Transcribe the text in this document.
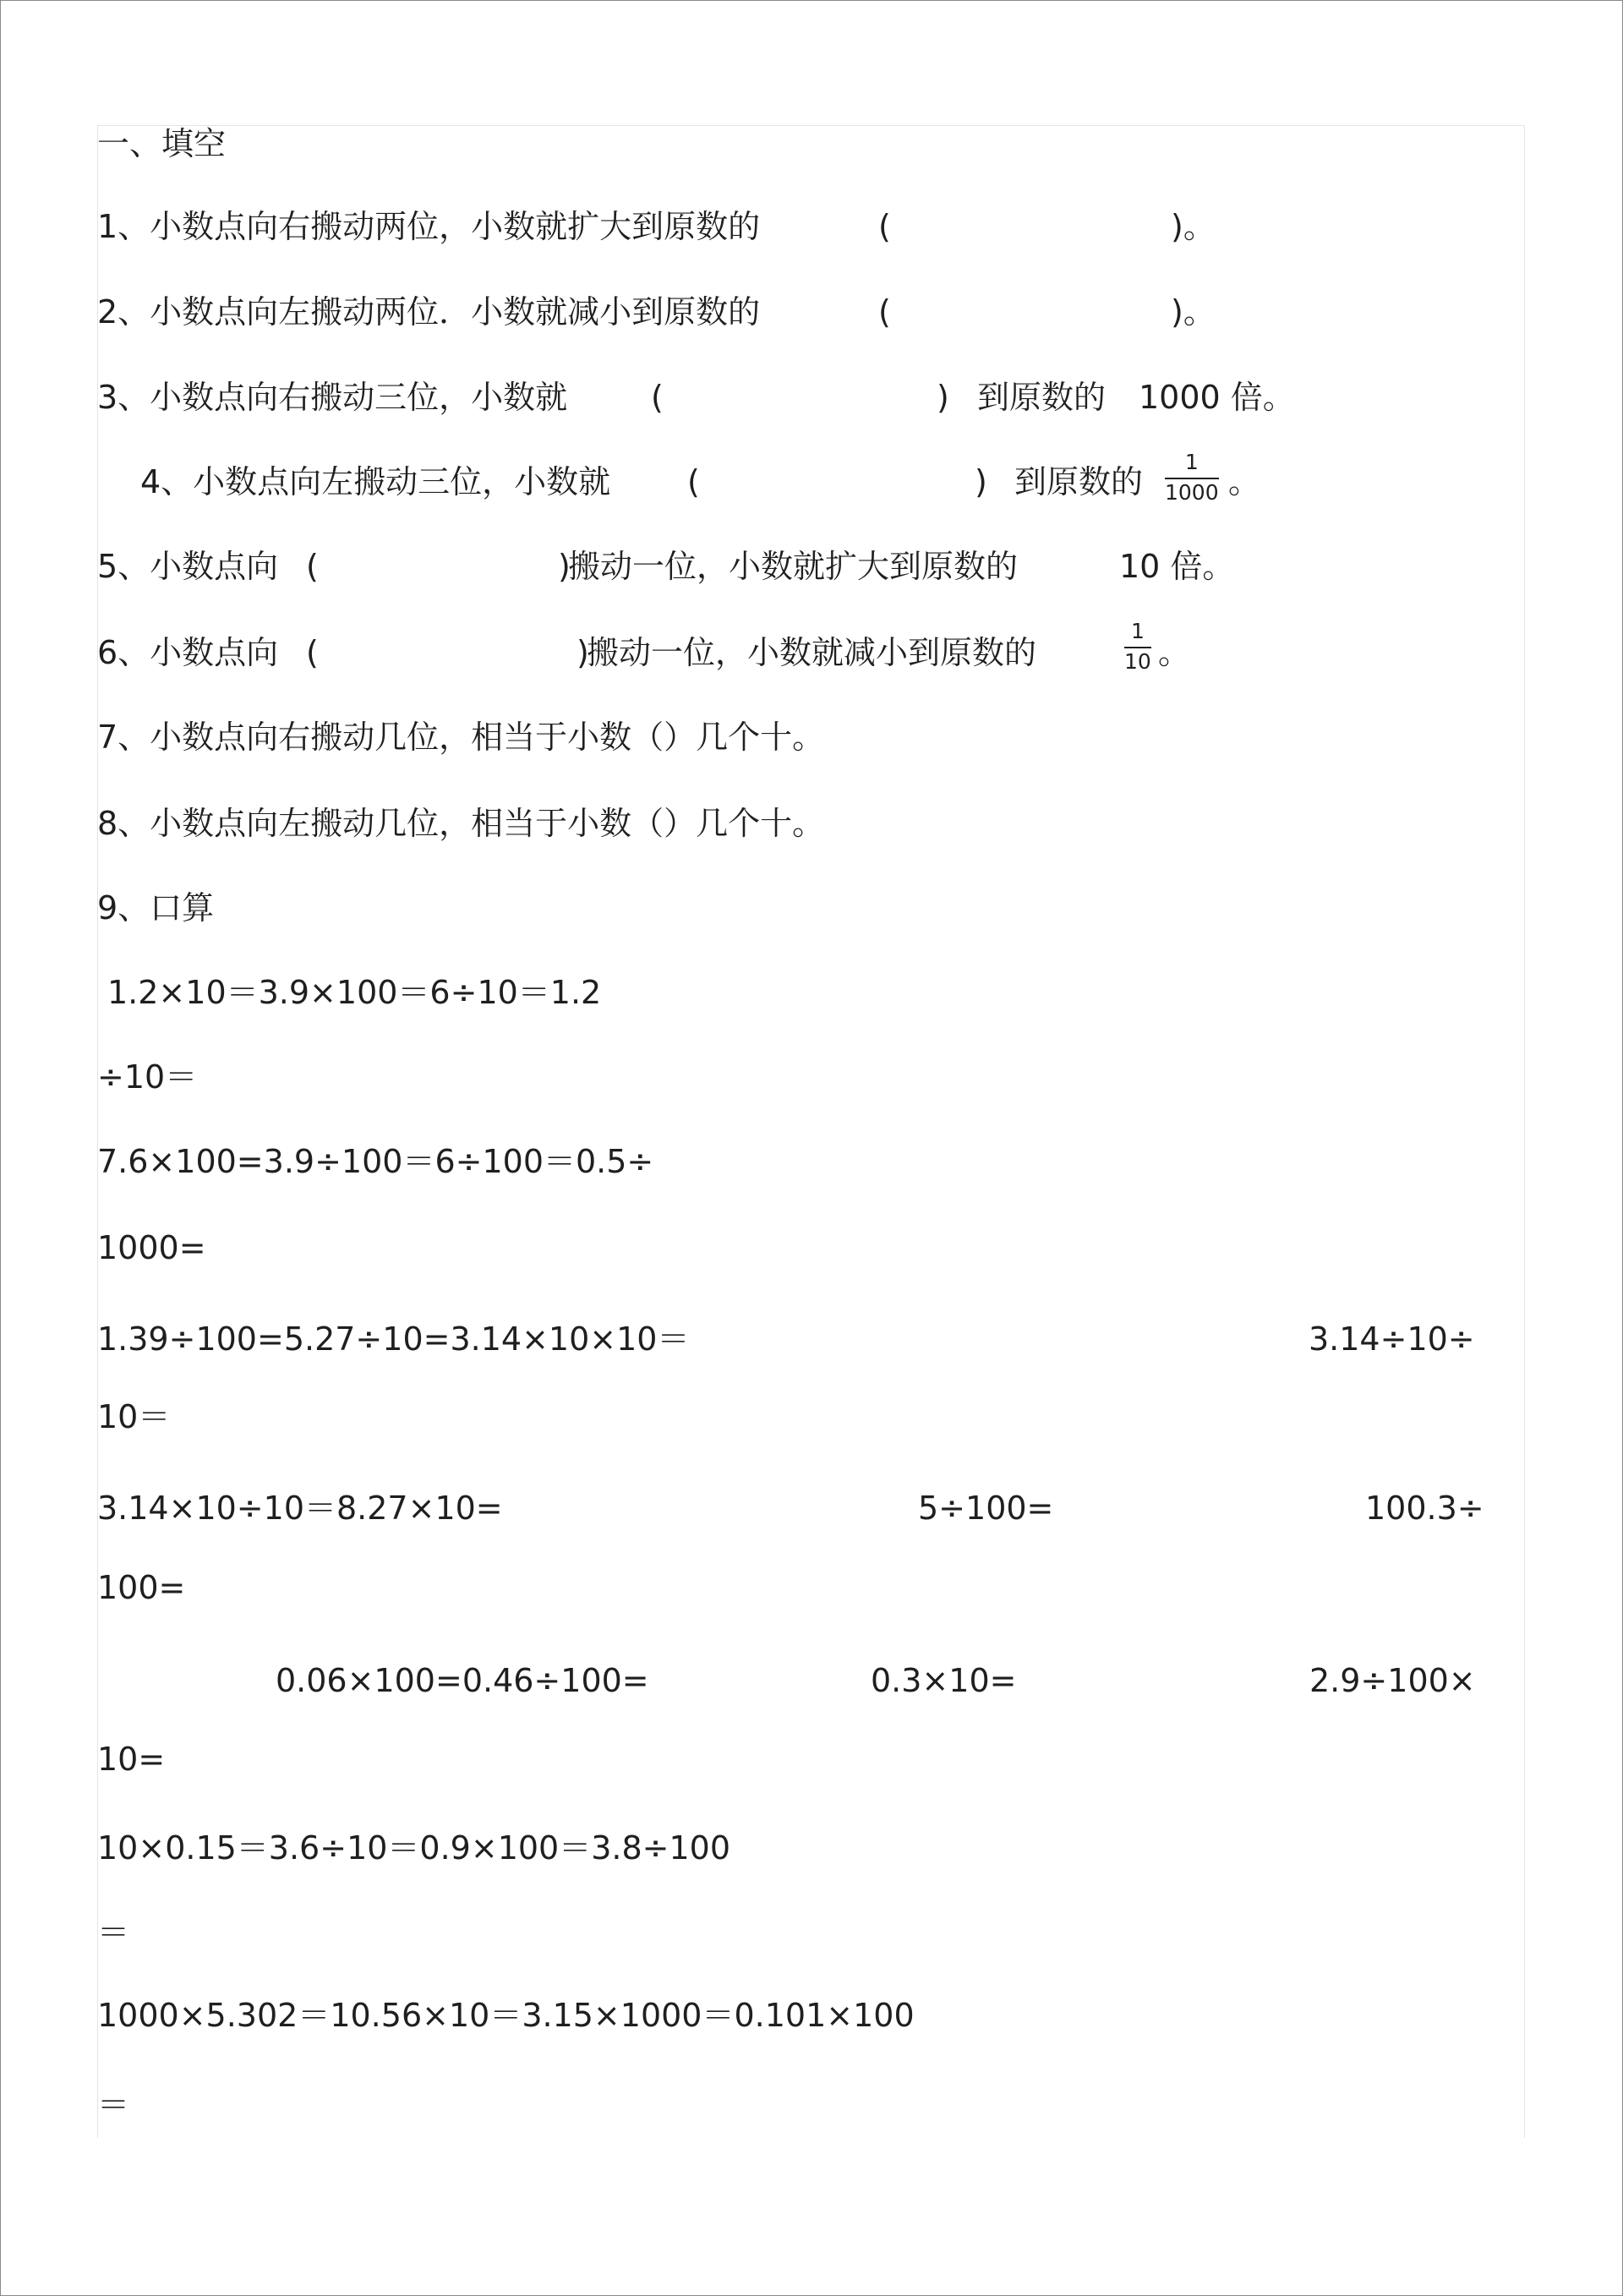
一、填空
1、小数点向右搬动两位，小数就扩大到原数的	(	)。
2、小数点向左搬动两位．小数就减小到原数的	(	)。
3、小数点向右搬动三位，小数就	(	) 到原数的 1000 倍。
4、小数点向左搬动三位，小数就 (	) 到原数的
1
1000 。
5、小数点向 (	)
搬动一位，小数就扩大到原数的	10 倍。
6、小数点向 (	)
搬动一位，小数就减小到原数的
1
10 。
7、小数点向右搬动几位，相当于小数（）几个十。
8、小数点向左搬动几位，相当于小数（）几个十。
9、口算
1.2×10＝3.9×100＝6÷10＝1.2
÷10＝
7.6×100=3.9÷100＝6÷100＝0.5÷
1000=
1.39÷100=5.27÷10=3.14×10×10＝	3.14÷10÷
10＝
3.14×10÷10＝8.27×10=	5÷100=	100.3÷
100=
0.06×100=0.46÷100=	0.3×10=	2.9÷100×
10=
10×0.15＝3.6÷10＝0.9×100＝3.8÷100
＝
1000×5.302＝10.56×10＝3.15×1000＝0.101×100
＝
